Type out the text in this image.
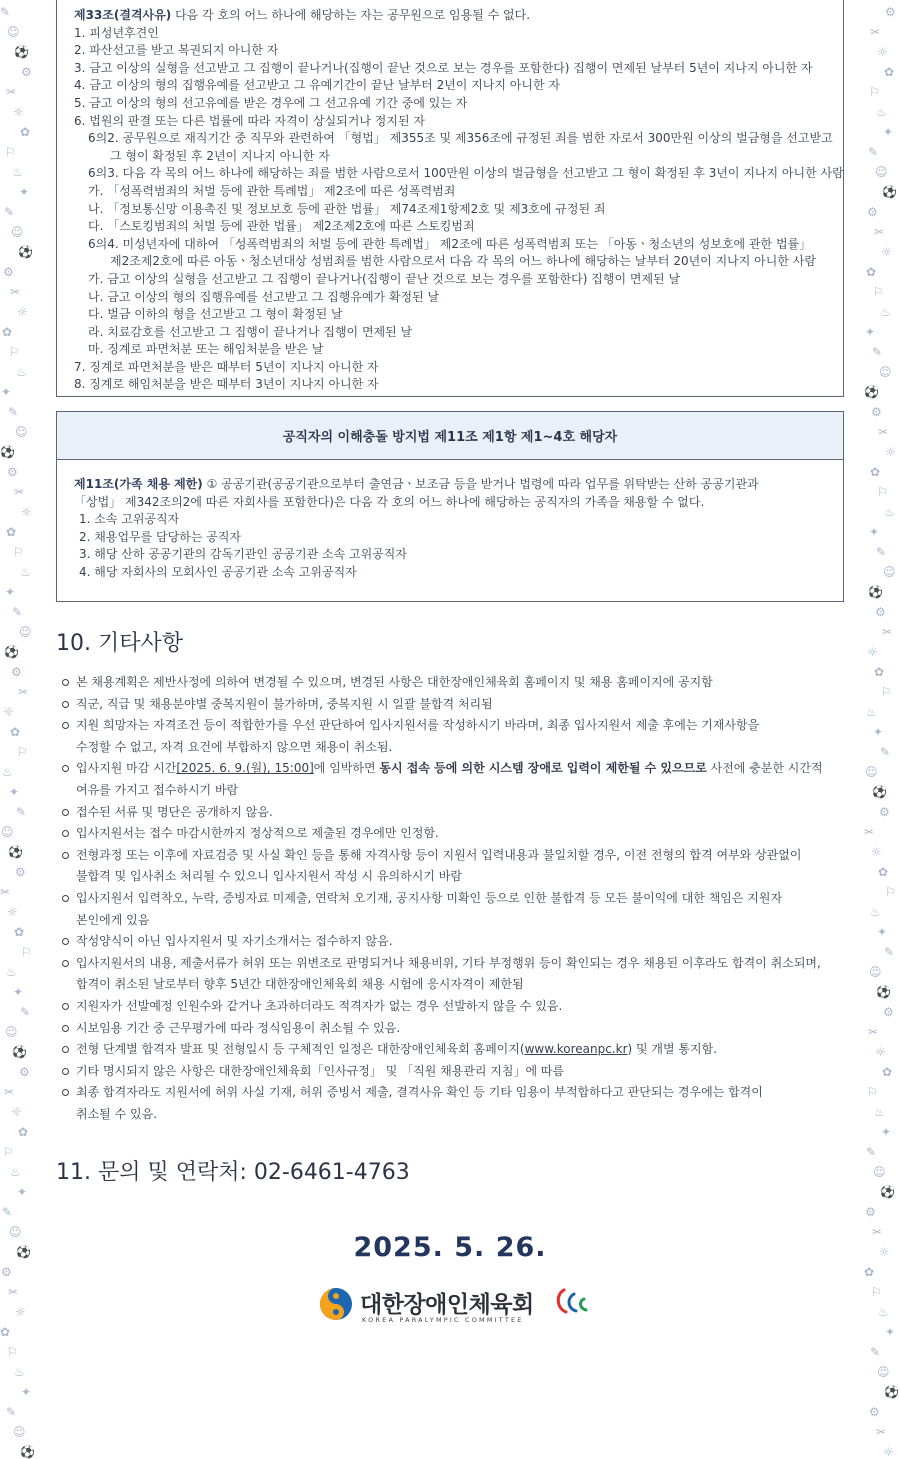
✎
☺
⚽
⚙
✂
☼
✿
⚐
♨
✦
✎
☺
⚽
⚙
✂
☼
✿
⚐
♨
✦
✎
☺
⚽
⚙
✂
☼
✿
⚐
♨
✦
✎
☺
⚽
⚙
✂
☼
✿
⚐
♨
✦
✎
☺
⚽
⚙
✂
☼
✿
⚐
♨
✦
✎
☺
⚽
⚙
✂
☼
✿
⚐
♨
✦
✎
☺
⚽
⚙
✂
☼
✿
⚐
♨
✦
✎
☺
⚽
⚙
✂
☼
✿
⚐
♨
✦
✎
☺
⚽
⚙
✂
☼
✿
⚐
♨
✦
✎
☺
⚽
⚙
✂
☼
✿
⚐
♨
✦
✎
☺
⚽
⚙
✂
☼
✿
⚐
♨
✦
✎
☺
⚽
⚙
✂
☼
✿
⚐
♨
✦
✎
☺
⚽
⚙
✂
☼
✿
⚐
♨
✦
✎
☺
⚽
⚙
✂
☼
✿
⚐
♨
✦
✎
☺
⚽
⚙
✂
☼
제33조(결격사유) 다음 각 호의 어느 하나에 해당하는 자는 공무원으로 임용될 수 없다.
1. 피성년후견인
2. 파산선고를 받고 복권되지 아니한 자
3. 금고 이상의 실형을 선고받고 그 집행이 끝나거나(집행이 끝난 것으로 보는 경우를 포함한다) 집행이 면제된 날부터 5년이 지나지 아니한 자
4. 금고 이상의 형의 집행유예를 선고받고 그 유예기간이 끝난 날부터 2년이 지나지 아니한 자
5. 금고 이상의 형의 선고유예를 받은 경우에 그 선고유예 기간 중에 있는 자
6. 법원의 판결 또는 다른 법률에 따라 자격이 상실되거나 정지된 자
6의2. 공무원으로 재직기간 중 직무와 관련하여 「형법」 제355조 및 제356조에 규정된 죄를 범한 자로서 300만원 이상의 벌금형을 선고받고
그 형이 확정된 후 2년이 지나지 아니한 자
6의3. 다음 각 목의 어느 하나에 해당하는 죄를 범한 사람으로서 100만원 이상의 벌금형을 선고받고 그 형이 확정된 후 3년이 지나지 아니한 사람
가. 「성폭력범죄의 처벌 등에 관한 특례법」 제2조에 따른 성폭력범죄
나. 「정보통신망 이용촉진 및 정보보호 등에 관한 법률」 제74조제1항제2호 및 제3호에 규정된 죄
다. 「스토킹범죄의 처벌 등에 관한 법률」 제2조제2호에 따른 스토킹범죄
6의4. 미성년자에 대하여 「성폭력범죄의 처벌 등에 관한 특례법」 제2조에 따른 성폭력범죄 또는 「아동ㆍ청소년의 성보호에 관한 법률」
제2조제2호에 따른 아동ㆍ청소년대상 성범죄를 범한 사람으로서 다음 각 목의 어느 하나에 해당하는 날부터 20년이 지나지 아니한 사람
가. 금고 이상의 실형을 선고받고 그 집행이 끝나거나(집행이 끝난 것으로 보는 경우를 포함한다) 집행이 면제된 날
나. 금고 이상의 형의 집행유예를 선고받고 그 집행유예가 확정된 날
다. 벌금 이하의 형을 선고받고 그 형이 확정된 날
라. 치료감호를 선고받고 그 집행이 끝나거나 집행이 면제된 날
마. 징계로 파면처분 또는 해임처분을 받은 날
7. 징계로 파면처분을 받은 때부터 5년이 지나지 아니한 자
8. 징계로 해임처분을 받은 때부터 3년이 지나지 아니한 자
공직자의 이해충돌 방지법 제11조 제1항 제1~4호 해당자
제11조(가족 채용 제한) ① 공공기관(공공기관으로부터 출연금ㆍ보조금 등을 받거나 법령에 따라 업무를 위탁받는 산하 공공기관과
「상법」 제342조의2에 따른 자회사를 포함한다)은 다음 각 호의 어느 하나에 해당하는 공직자의 가족을 채용할 수 없다.
1. 소속 고위공직자
2. 채용업무를 담당하는 공직자
3. 해당 산하 공공기관의 감독기관인 공공기관 소속 고위공직자
4. 해당 자회사의 모회사인 공공기관 소속 고위공직자
10. 기타사항
본 채용계획은 제반사정에 의하여 변경될 수 있으며, 변경된 사항은 대한장애인체육회 홈페이지 및 채용 홈페이지에 공지함
직군, 직급 및 채용분야별 중복지원이 불가하며, 중복지원 시 일괄 불합격 처리됨
지원 희망자는 자격조건 등이 적합한가를 우선 판단하여 입사지원서를 작성하시기 바라며, 최종 입사지원서 제출 후에는 기재사항을
수정할 수 없고, 자격 요건에 부합하지 않으면 채용이 취소됨.
입사지원 마감 시간[2025. 6. 9.(월), 15:00]에 임박하면 동시 접속 등에 의한 시스템 장애로 입력이 제한될 수 있으므로 사전에 충분한 시간적
여유를 가지고 접수하시기 바람
접수된 서류 및 명단은 공개하지 않음.
입사지원서는 접수 마감시한까지 정상적으로 제출된 경우에만 인정함.
전형과정 또는 이후에 자료검증 및 사실 확인 등을 통해 자격사항 등이 지원서 입력내용과 불일치할 경우, 이전 전형의 합격 여부와 상관없이
불합격 및 입사취소 처리될 수 있으니 입사지원서 작성 시 유의하시기 바람
입사지원서 입력착오, 누락, 증빙자료 미제출, 연락처 오기재, 공지사항 미확인 등으로 인한 불합격 등 모든 불이익에 대한 책임은 지원자
본인에게 있음
작성양식이 아닌 입사지원서 및 자기소개서는 접수하지 않음.
입사지원서의 내용, 제출서류가 허위 또는 위변조로 판명되거나 채용비위, 기타 부정행위 등이 확인되는 경우 채용된 이후라도 합격이 취소되며,
합격이 취소된 날로부터 향후 5년간 대한장애인체육회 채용 시험에 응시자격이 제한됨
지원자가 선발예정 인원수와 같거나 초과하더라도 적격자가 없는 경우 선발하지 않을 수 있음.
시보임용 기간 중 근무평가에 따라 정식임용이 취소될 수 있음.
전형 단계별 합격자 발표 및 전형일시 등 구체적인 일정은 대한장애인체육회 홈페이지(www.koreanpc.kr) 및 개별 통지함.
기타 명시되지 않은 사항은 대한장애인체육회「인사규정」 및 「직원 채용관리 지침」에 따름
최종 합격자라도 지원서에 허위 사실 기재, 허위 증빙서 제출, 결격사유 확인 등 기타 임용이 부적합하다고 판단되는 경우에는 합격이
취소될 수 있음.
11. 문의 및 연락처: 02-6461-4763
2025. 5. 26.
대한장애인체육회
KOREA PARALYMPIC COMMITTEE
